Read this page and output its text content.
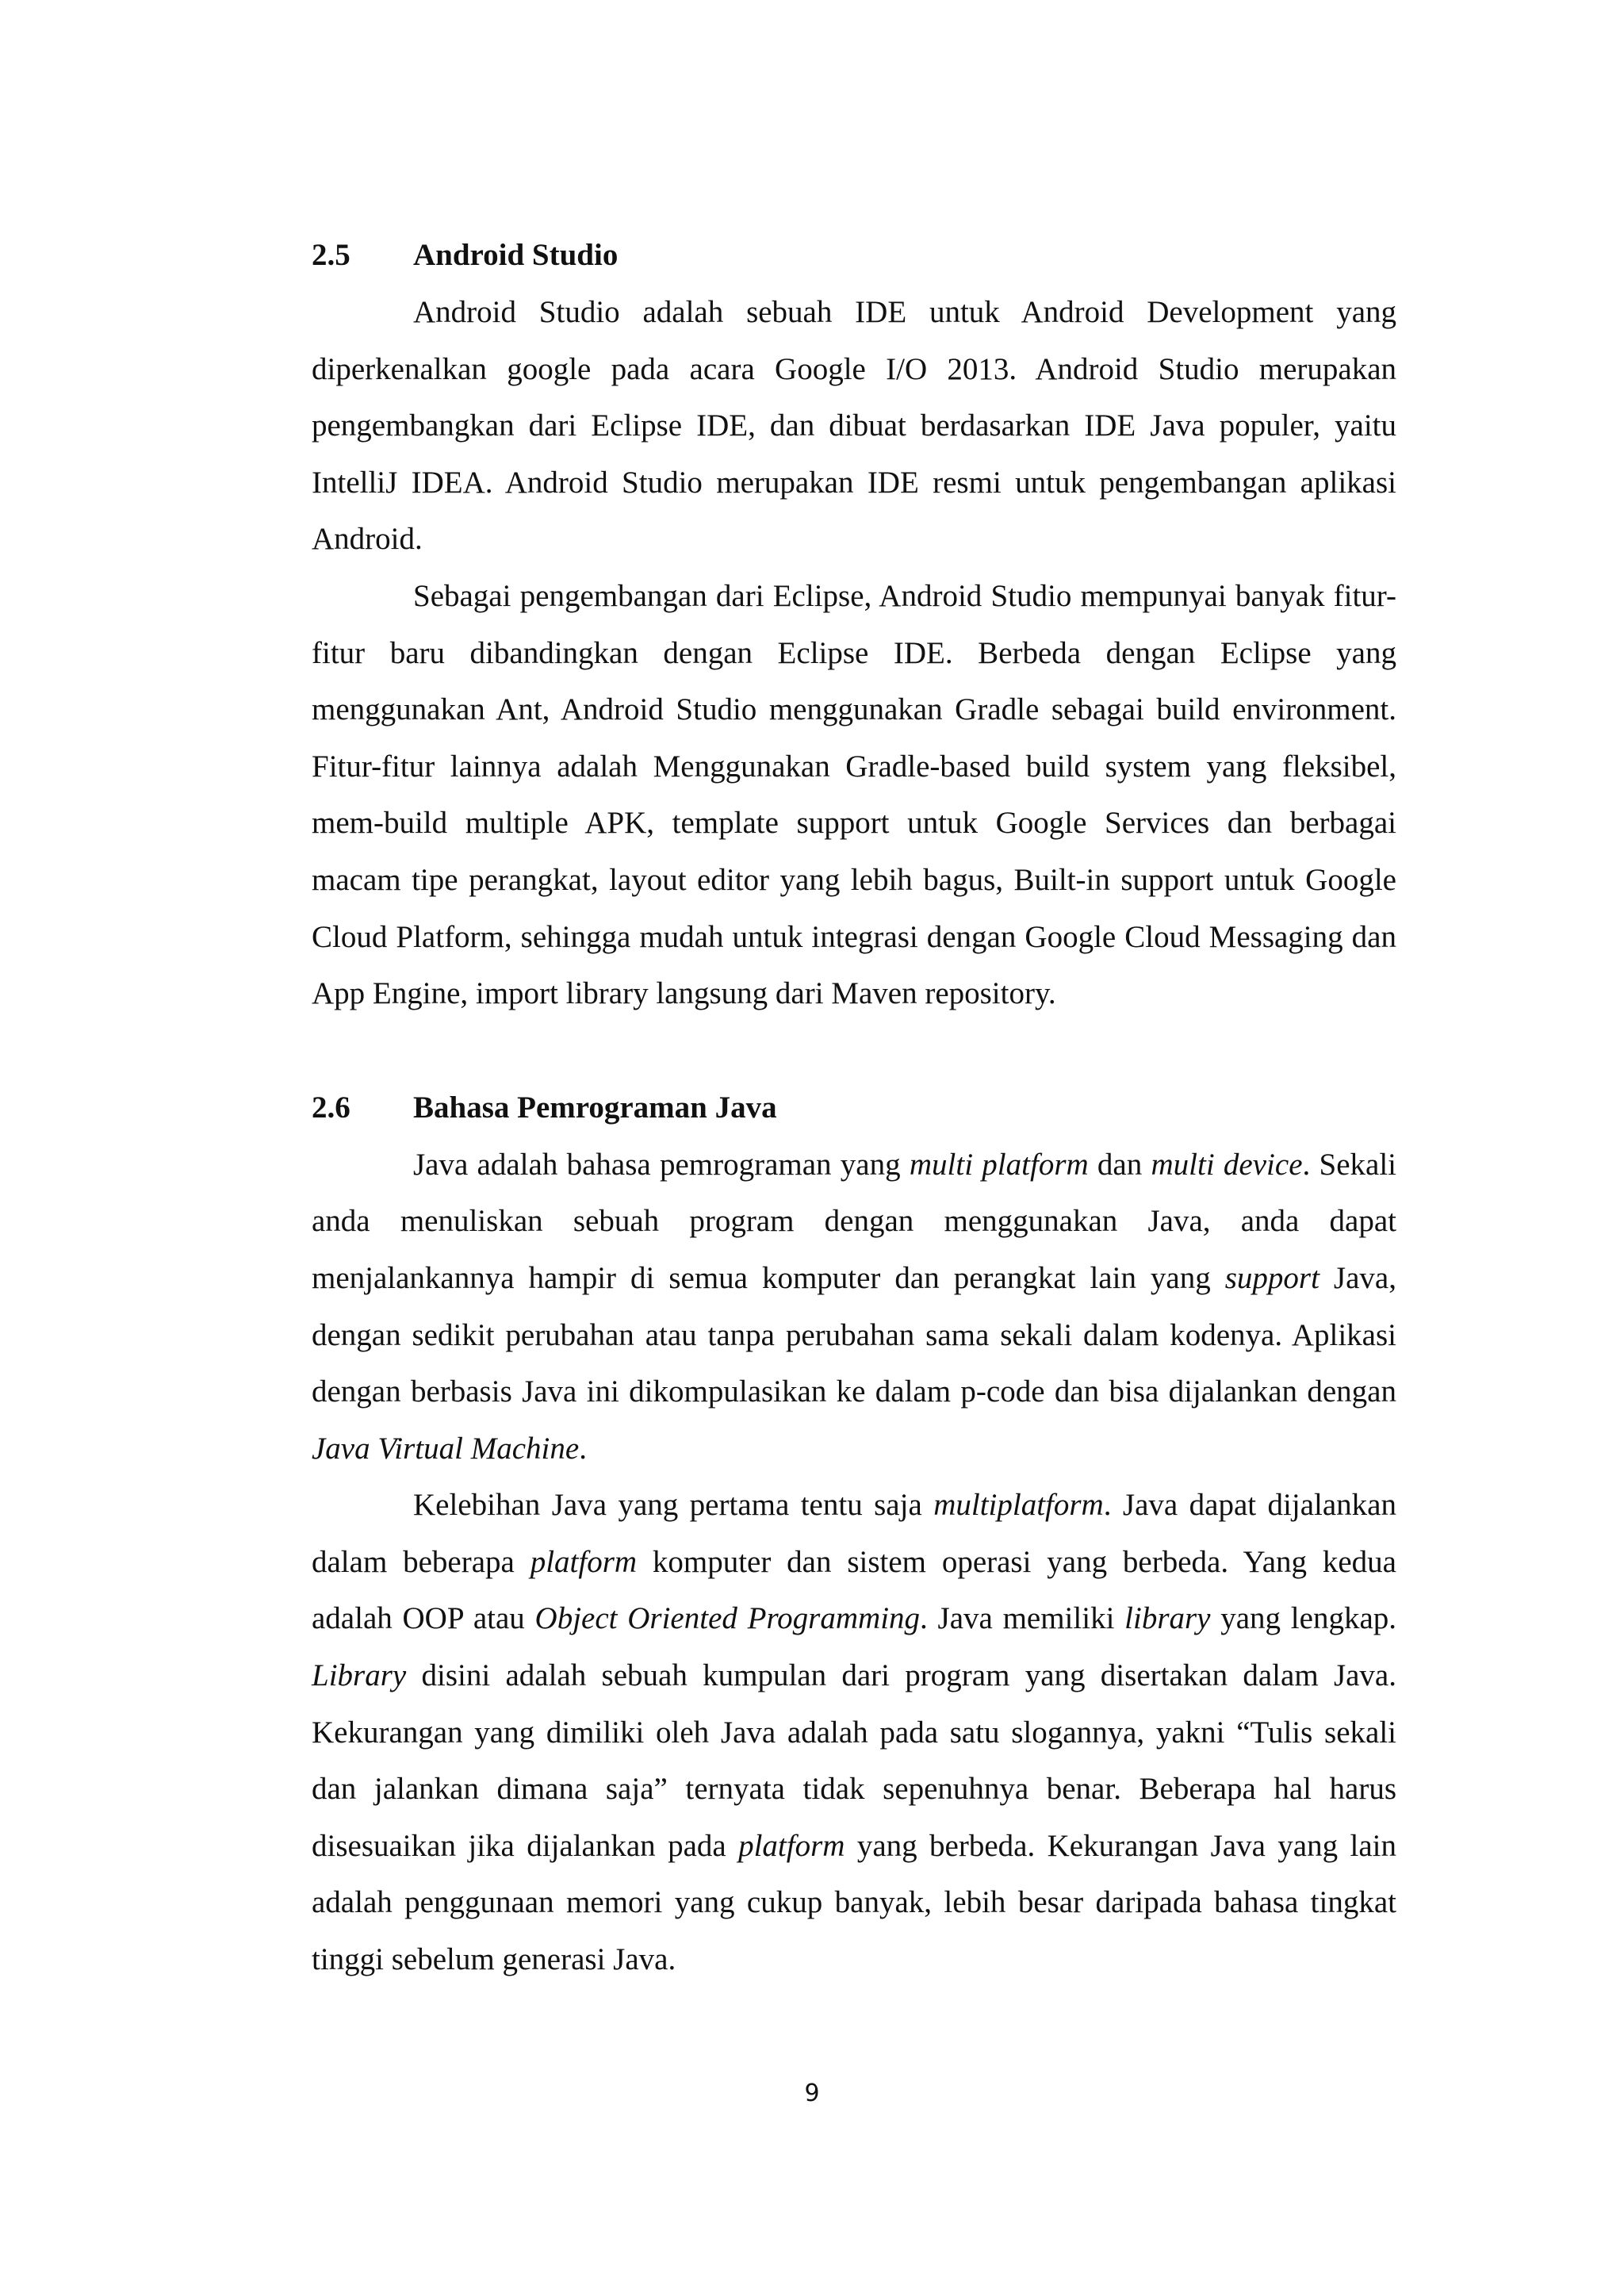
2.5	Android Studio

Android Studio adalah sebuah IDE untuk Android Development yang diperkenalkan google pada acara Google I/O 2013. Android Studio merupakan pengembangkan dari Eclipse IDE, dan dibuat berdasarkan IDE Java populer, yaitu IntelliJ IDEA. Android Studio merupakan IDE resmi untuk pengembangan aplikasi Android.

Sebagai pengembangan dari Eclipse, Android Studio mempunyai banyak fitur-fitur baru dibandingkan dengan Eclipse IDE. Berbeda dengan Eclipse yang menggunakan Ant, Android Studio menggunakan Gradle sebagai build environment. Fitur-fitur lainnya adalah Menggunakan Gradle-based build system yang fleksibel, mem-build multiple APK, template support untuk Google Services dan berbagai macam tipe perangkat, layout editor yang lebih bagus, Built-in support untuk Google Cloud Platform, sehingga mudah untuk integrasi dengan Google Cloud Messaging dan App Engine, import library langsung dari Maven repository.

2.6	Bahasa Pemrograman Java

Java adalah bahasa pemrograman yang multi platform dan multi device. Sekali anda menuliskan sebuah program dengan menggunakan Java, anda dapat menjalankannya hampir di semua komputer dan perangkat lain yang support Java, dengan sedikit perubahan atau tanpa perubahan sama sekali dalam kodenya. Aplikasi dengan berbasis Java ini dikompulasikan ke dalam p-code dan bisa dijalankan dengan Java Virtual Machine.

Kelebihan Java yang pertama tentu saja multiplatform. Java dapat dijalankan dalam beberapa platform komputer dan sistem operasi yang berbeda. Yang kedua adalah OOP atau Object Oriented Programming. Java memiliki library yang lengkap. Library disini adalah sebuah kumpulan dari program yang disertakan dalam Java. Kekurangan yang dimiliki oleh Java adalah pada satu slogannya, yakni “Tulis sekali dan jalankan dimana saja” ternyata tidak sepenuhnya benar. Beberapa hal harus disesuaikan jika dijalankan pada platform yang berbeda. Kekurangan Java yang lain adalah penggunaan memori yang cukup banyak, lebih besar daripada bahasa tingkat tinggi sebelum generasi Java.

9
